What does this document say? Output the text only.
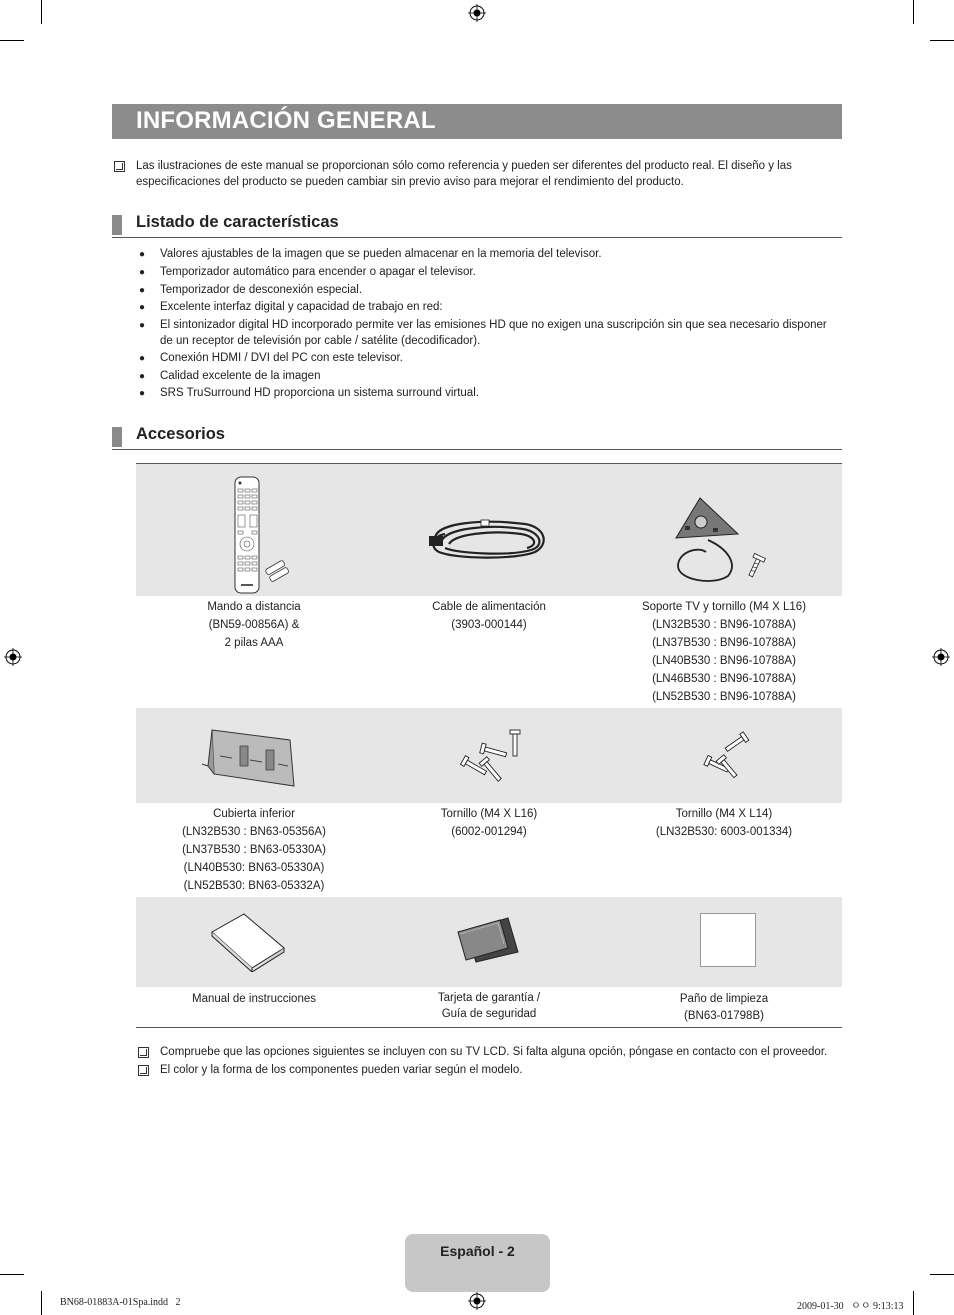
INFORMACIÓN GENERAL
Las ilustraciones de este manual se proporcionan sólo como referencia y pueden ser diferentes del producto real. El diseño y las especificaciones del producto se pueden cambiar sin previo aviso para mejorar el rendimiento del producto.
Listado de características
● Valores ajustables de la imagen que se pueden almacenar en la memoria del televisor.
● Temporizador automático para encender o apagar el televisor.
● Temporizador de desconexión especial.
● Excelente interfaz digital y capacidad de trabajo en red:
● El sintonizador digital HD incorporado permite ver las emisiones HD que no exigen una suscripción sin que sea necesario disponer de un receptor de televisión por cable / satélite (decodificador).
● Conexión HDMI / DVI del PC con este televisor.
● Calidad excelente de la imagen
● SRS TruSurround HD proporciona un sistema surround virtual.
Accesorios
Mando a distancia
(BN59-00856A) &
2 pilas AAA
Cable de alimentación
(3903-000144)
Soporte TV y tornillo (M4 X L16)
(LN32B530 : BN96-10788A)
(LN37B530 : BN96-10788A)
(LN40B530 : BN96-10788A)
(LN46B530 : BN96-10788A)
(LN52B530 : BN96-10788A)
Cubierta inferior
(LN32B530 : BN63-05356A)
(LN37B530 : BN63-05330A)
(LN40B530: BN63-05330A)
(LN52B530: BN63-05332A)
Tornillo (M4 X L16)
(6002-001294)
Tornillo (M4 X L14)
(LN32B530: 6003-001334)
Manual de instrucciones	Tarjeta de garantía /
Guía de seguridad
Paño de limpieza
(BN63-01798B)
Compruebe que las opciones siguientes se incluyen con su TV LCD. Si falta alguna opción, póngase en contacto con el proveedor.
El color y la forma de los componentes pueden variar según el modelo.
Español - 2
BN68-01883A-01Spa.indd   2	2009-01-30   ㅇㅇ 9:13:13
